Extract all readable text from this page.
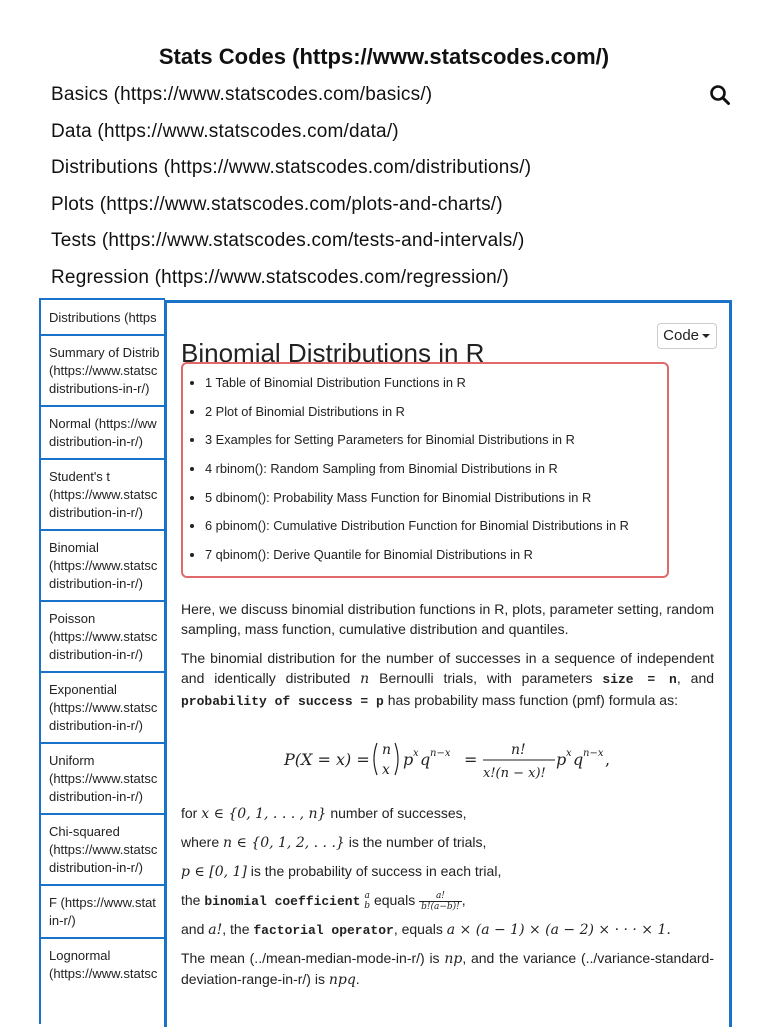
Stats Codes (https://www.statscodes.com/)
Basics (https://www.statscodes.com/basics/)
Data (https://www.statscodes.com/data/)
Distributions (https://www.statscodes.com/distributions/)
Plots (https://www.statscodes.com/plots-and-charts/)
Tests (https://www.statscodes.com/tests-and-intervals/)
Regression (https://www.statscodes.com/regression/)
Distributions (https
Summary of Distrib
(https://www.statsc
distributions-in-r/)
Normal (https://ww
distribution-in-r/)
Student's t
(https://www.statsc
distribution-in-r/)
Binomial
(https://www.statsc
distribution-in-r/)
Poisson
(https://www.statsc
distribution-in-r/)
Exponential
(https://www.statsc
distribution-in-r/)
Uniform
(https://www.statsc
distribution-in-r/)
Chi-squared
(https://www.statsc
distribution-in-r/)
F (https://www.stat
in-r/)
Lognormal
(https://www.statsc
Binomial Distributions in R
Code
• 1 Table of Binomial Distribution Functions in R
• 2 Plot of Binomial Distributions in R
• 3 Examples for Setting Parameters for Binomial Distributions in R
• 4 rbinom(): Random Sampling from Binomial Distributions in R
• 5 dbinom(): Probability Mass Function for Binomial Distributions in R
• 6 pbinom(): Cumulative Distribution Function for Binomial Distributions in R
• 7 qbinom(): Derive Quantile for Binomial Distributions in R

Here, we discuss binomial distribution functions in R, plots, parameter setting, random sampling, mass function, cumulative distribution and quantiles.

The binomial distribution for the number of successes in a sequence of independent and identically distributed n Bernoulli trials, with parameters size = n, and probability of success = p has probability mass function (pmf) formula as:

P(X = x) = n
x
p x q n−x = n!
x!(n − x)!
p x q n−x ,

for x ∈ {0, 1, . . . , n} number of successes,

where n ∈ {0, 1, 2, . . .} is the number of trials,

p ∈ [0, 1] is the probability of success in each trial,

the binomial coefficient a
b equals $\frac{a!}{b!(a-b)!}$ ,

and a!, the factorial operator, equals a × (a − 1) × (a − 2) × · · · × 1.

The mean (../mean-median-mode-in-r/) is np, and the variance (../variance-standard-deviation-range-in-r/) is npq.
